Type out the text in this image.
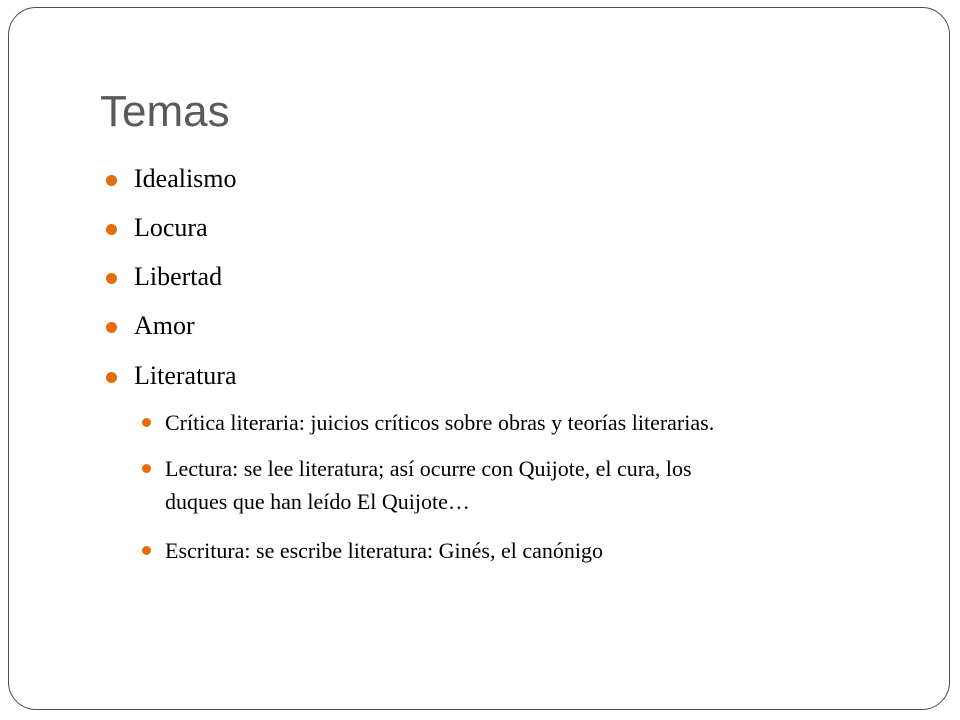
Temas
Idealismo
Locura
Libertad
Amor
Literatura
Crítica literaria: juicios críticos sobre obras y teorías literarias.
Lectura: se lee literatura; así ocurre con Quijote, el cura, los
duques que han leído El Quijote…
Escritura: se escribe literatura: Ginés, el canónigo
